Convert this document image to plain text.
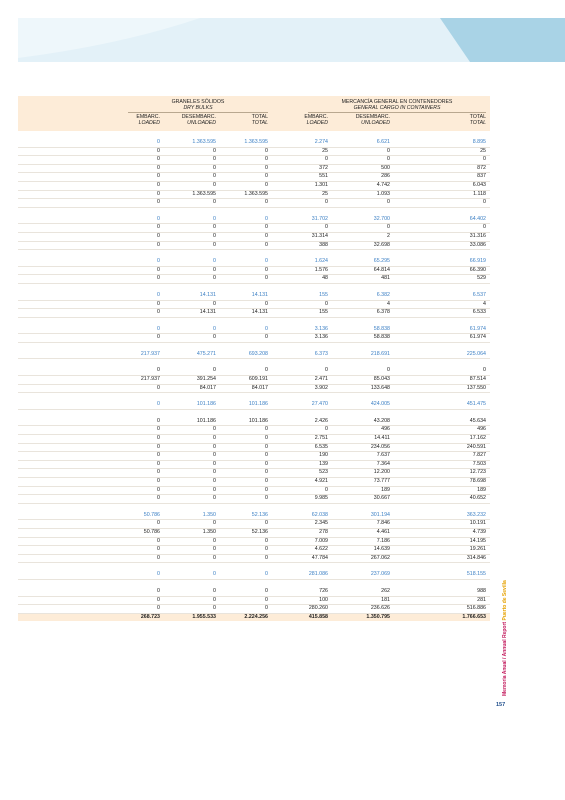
GRANELES SÓLIDOS
DRY BULKS
MERCANCÍA GENERAL EN CONTENEDORES
GENERAL CARGO IN CONTAINERS
EMBARC.
LOADED
DESEMBARC.
UNLOADED
TOTAL
TOTAL
EMBARC.
LOADED
DESEMBARC.
UNLOADED
TOTAL
TOTAL
0	1.363.595	1.363.595	2.274	6.621	8.895
0	0	0	25	0	25
0	0	0	0	0	0
0	0	0	372	500	872
0	0	0	551	286	837
0	0	0	1.301	4.742	6.043
0	1.363.595	1.363.595	25	1.093	1.118
0	0	0	0	0	0
0	0	0	31.702	32.700	64.402
0	0	0	0	0	0
0	0	0	31.314	2	31.316
0	0	0	388	32.698	33.086
0	0	0	1.624	65.295	66.919
0	0	0	1.576	64.814	66.390
0	0	0	48	481	529
0	14.131	14.131	155	6.382	6.537
0	0	0	0	4	4
0	14.131	14.131	155	6.378	6.533
0	0	0	3.136	58.838	61.974
0	0	0	3.136	58.838	61.974
217.937	475.271	693.208	6.373	218.691	225.064
0	0	0	0	0	0
217.937	391.254	609.191	2.471	85.043	87.514
0	84.017	84.017	3.902	133.648	137.550
0	101.186	101.186	27.470	424.005	451.475
0	101.186	101.186	2.426	43.208	45.634
0	0	0	0	496	496
0	0	0	2.751	14.411	17.162
0	0	0	6.535	234.056	240.591
0	0	0	190	7.637	7.827
0	0	0	139	7.364	7.503
0	0	0	523	12.200	12.723
0	0	0	4.921	73.777	78.698
0	0	0	0	189	189
0	0	0	9.985	30.667	40.652
50.786	1.350	52.136	62.038	301.194	363.232
0	0	0	2.345	7.846	10.191
50.786	1.350	52.136	278	4.461	4.739
0	0	0	7.009	7.186	14.195
0	0	0	4.622	14.639	19.261
0	0	0	47.784	267.062	314.846
0	0	0	281.086	237.069	518.155
0	0	0	726	262	988
0	0	0	100	181	281
0	0	0	280.260	236.626	516.886
268.723	1.955.533	2.224.256	415.858	1.350.795	1.766.653
Memoria Anual / Annual Report Puerto de Sevilla
157
